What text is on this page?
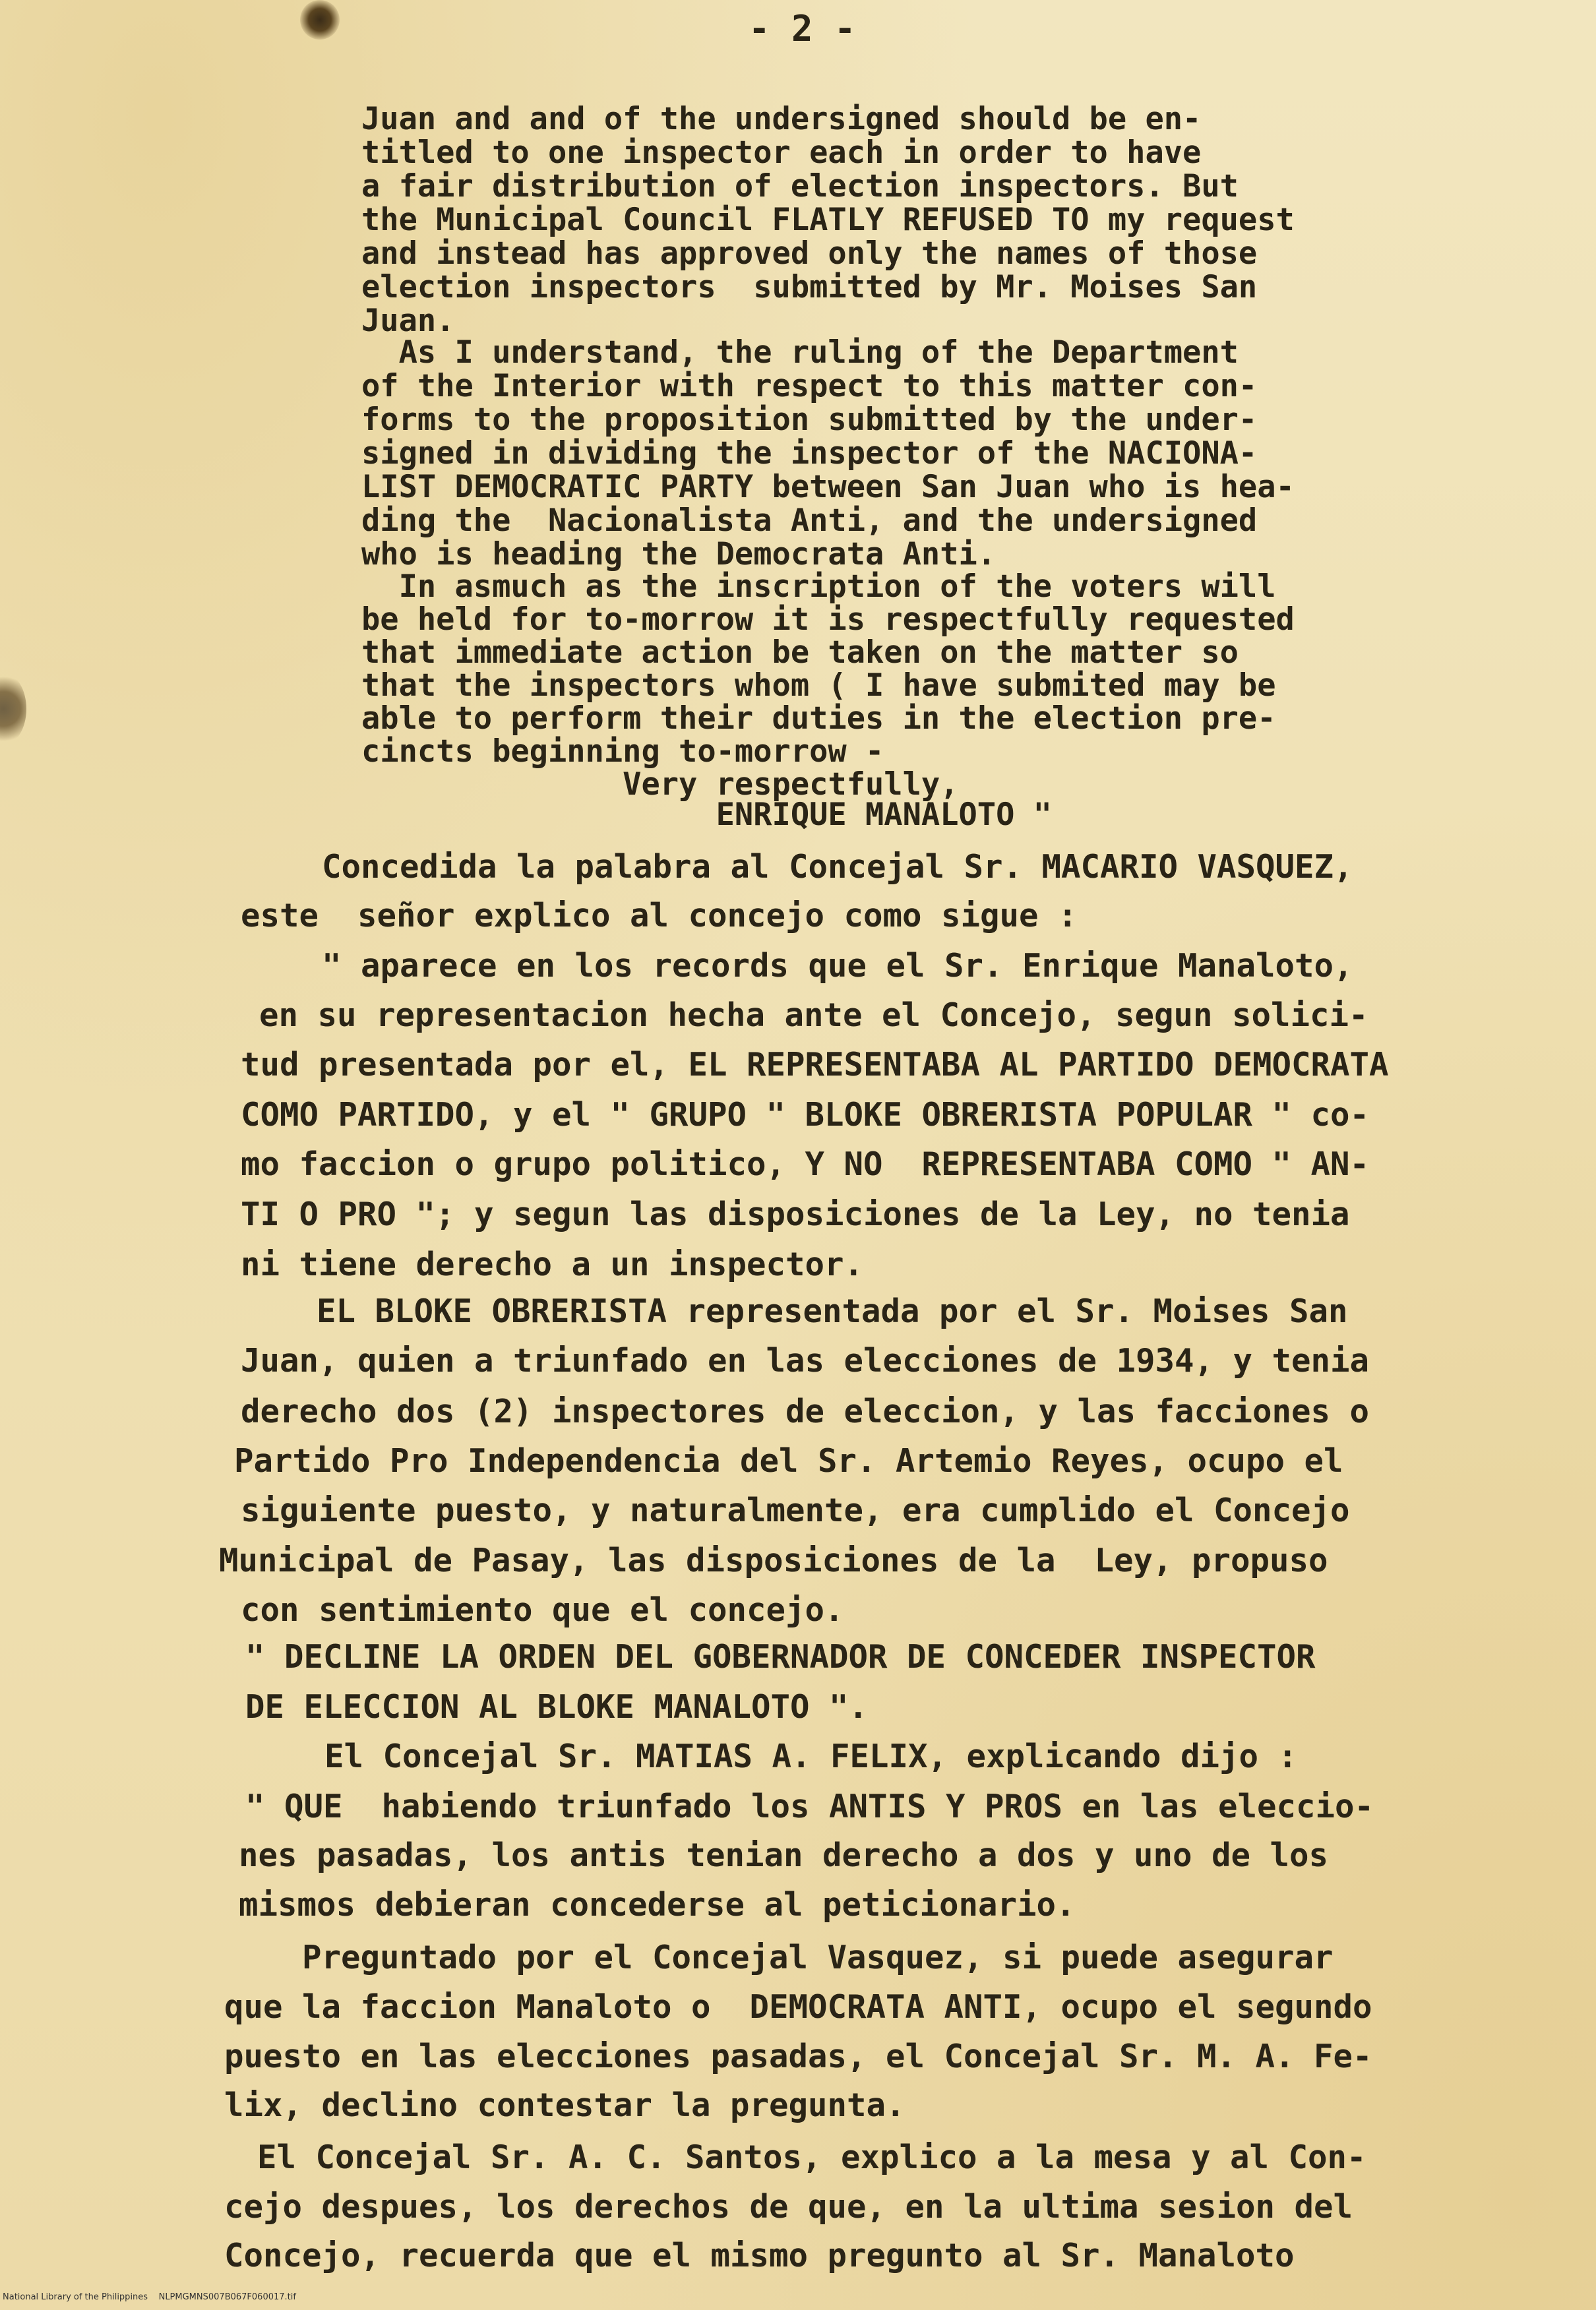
- 2 -
Juan and and of the undersigned should be en-
titled to one inspector each in order to have
a fair distribution of election inspectors. But
the Municipal Council FLATLY REFUSED TO my request
and instead has approved only the names of those
election inspectors  submitted by Mr. Moises San
Juan.
As I understand, the ruling of the Department
of the Interior with respect to this matter con-
forms to the proposition submitted by the under-
signed in dividing the inspector of the NACIONA-
LIST DEMOCRATIC PARTY between San Juan who is hea-
ding the  Nacionalista Anti, and the undersigned
who is heading the Democrata Anti.
In asmuch as the inscription of the voters will
be held for to-morrow it is respectfully requested
that immediate action be taken on the matter so
that the inspectors whom ( I have submited may be
able to perform their duties in the election pre-
cincts beginning to-morrow -
Very respectfully,
ENRIQUE MANALOTO "
Concedida la palabra al Concejal Sr. MACARIO VASQUEZ,
este  señor explico al concejo como sigue :
" aparece en los records que el Sr. Enrique Manaloto,
en su representacion hecha ante el Concejo, segun solici-
tud presentada por el, EL REPRESENTABA AL PARTIDO DEMOCRATA
COMO PARTIDO, y el " GRUPO " BLOKE OBRERISTA POPULAR " co-
mo faccion o grupo politico, Y NO  REPRESENTABA COMO " AN-
TI O PRO "; y segun las disposiciones de la Ley, no tenia
ni tiene derecho a un inspector.
EL BLOKE OBRERISTA representada por el Sr. Moises San
Juan, quien a triunfado en las elecciones de 1934, y tenia
derecho dos (2) inspectores de eleccion, y las facciones o
Partido Pro Independencia del Sr. Artemio Reyes, ocupo el
siguiente puesto, y naturalmente, era cumplido el Concejo
Municipal de Pasay, las disposiciones de la  Ley, propuso
con sentimiento que el concejo.
" DECLINE LA ORDEN DEL GOBERNADOR DE CONCEDER INSPECTOR
DE ELECCION AL BLOKE MANALOTO ".
El Concejal Sr. MATIAS A. FELIX, explicando dijo :
" QUE  habiendo triunfado los ANTIS Y PROS en las eleccio-
nes pasadas, los antis tenian derecho a dos y uno de los
mismos debieran concederse al peticionario.
Preguntado por el Concejal Vasquez, si puede asegurar
que la faccion Manaloto o  DEMOCRATA ANTI, ocupo el segundo
puesto en las elecciones pasadas, el Concejal Sr. M. A. Fe-
lix, declino contestar la pregunta.
El Concejal Sr. A. C. Santos, explico a la mesa y al Con-
cejo despues, los derechos de que, en la ultima sesion del
Concejo, recuerda que el mismo pregunto al Sr. Manaloto
National Library of the Philippines    NLPMGMNS007B067F060017.tif
